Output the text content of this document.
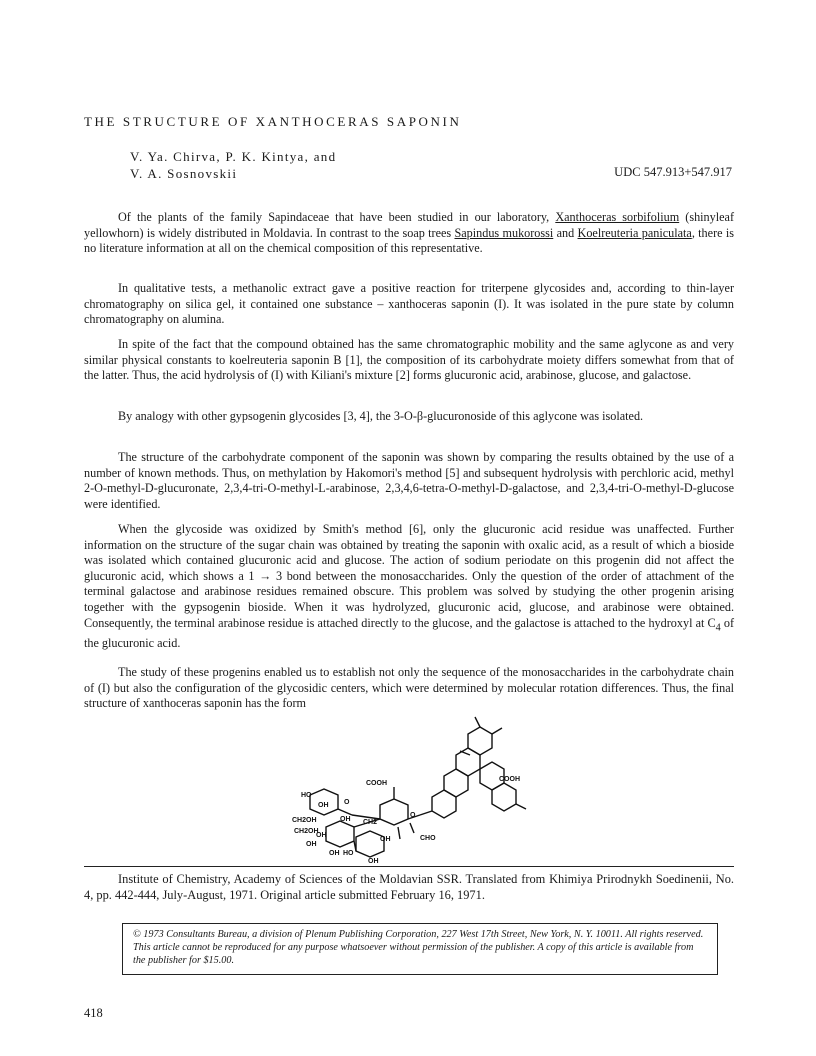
THE STRUCTURE OF XANTHOCERAS SAPONIN
V. Ya. Chirva, P. K. Kintya, and
V. A. Sosnovskii	UDC 547.913+547.917

Of the plants of the family Sapindaceae that have been studied in our laboratory, Xanthoceras sorbifolium (shinyleaf yellowhorn) is widely distributed in Moldavia. In contrast to the soap trees Sapindus mukorossi and Koelreuteria paniculata, there is no literature information at all on the chemical composition of this representative.

In qualitative tests, a methanolic extract gave a positive reaction for triterpene glycosides and, according to thin-layer chromatography on silica gel, it contained one substance – xanthoceras saponin (I). It was isolated in the pure state by column chromatography on alumina.

In spite of the fact that the compound obtained has the same chromatographic mobility and the same aglycone as and very similar physical constants to koelreuteria saponin B [1], the composition of its carbohydrate moiety differs somewhat from that of the latter. Thus, the acid hydrolysis of (I) with Kiliani's mixture [2] forms glucuronic acid, arabinose, glucose, and galactose.

By analogy with other gypsogenin glycosides [3, 4], the 3-O-β-glucuronoside of this aglycone was isolated.

The structure of the carbohydrate component of the saponin was shown by comparing the results obtained by the use of a number of known methods. Thus, on methylation by Hakomori's method [5] and subsequent hydrolysis with perchloric acid, methyl 2-O-methyl-D-glucuronate, 2,3,4-tri-O-methyl-L-arabinose, 2,3,4,6-tetra-O-methyl-D-galactose, and 2,3,4-tri-O-methyl-D-glucose were identified.

When the glycoside was oxidized by Smith's method [6], only the glucuronic acid residue was unaffected. Further information on the structure of the sugar chain was obtained by treating the saponin with oxalic acid, as a result of which a bioside was isolated which contained glucuronic acid and glucose. The action of sodium periodate on this progenin did not affect the glucuronic acid, which shows a 1 → 3 bond between the monosaccharides. Only the question of the order of attachment of the terminal galactose and arabinose residues remained obscure. This problem was solved by studying the other progenin arising together with the gypsogenin bioside. When it was hydrolyzed, glucuronic acid, glucose, and arabinose were obtained. Consequently, the terminal arabinose residue is attached directly to the glucose, and the galactose is attached to the hydroxyl at $C_4$ of the glucuronic acid.

The study of these progenins enabled us to establish not only the sequence of the monosaccharides in the carbohydrate chain of (I) but also the configuration of the glycosidic centers, which were determined by molecular rotation differences. Thus, the final structure of xanthoceras saponin has the form

COOH
COOH
CHO
HO
OH O
CH2OH	OH CH2
CH2OH
OH
OH
OH
OH HO
OH
O

Institute of Chemistry, Academy of Sciences of the Moldavian SSR. Translated from Khimiya Prirodnykh Soedinenii, No. 4, pp. 442-444, July-August, 1971. Original article submitted February 16, 1971.

© 1973 Consultants Bureau, a division of Plenum Publishing Corporation, 227 West 17th Street, New York, N. Y. 10011. All rights reserved. This article cannot be reproduced for any purpose whatsoever without permission of the publisher. A copy of this article is available from the publisher for $15.00.
418
